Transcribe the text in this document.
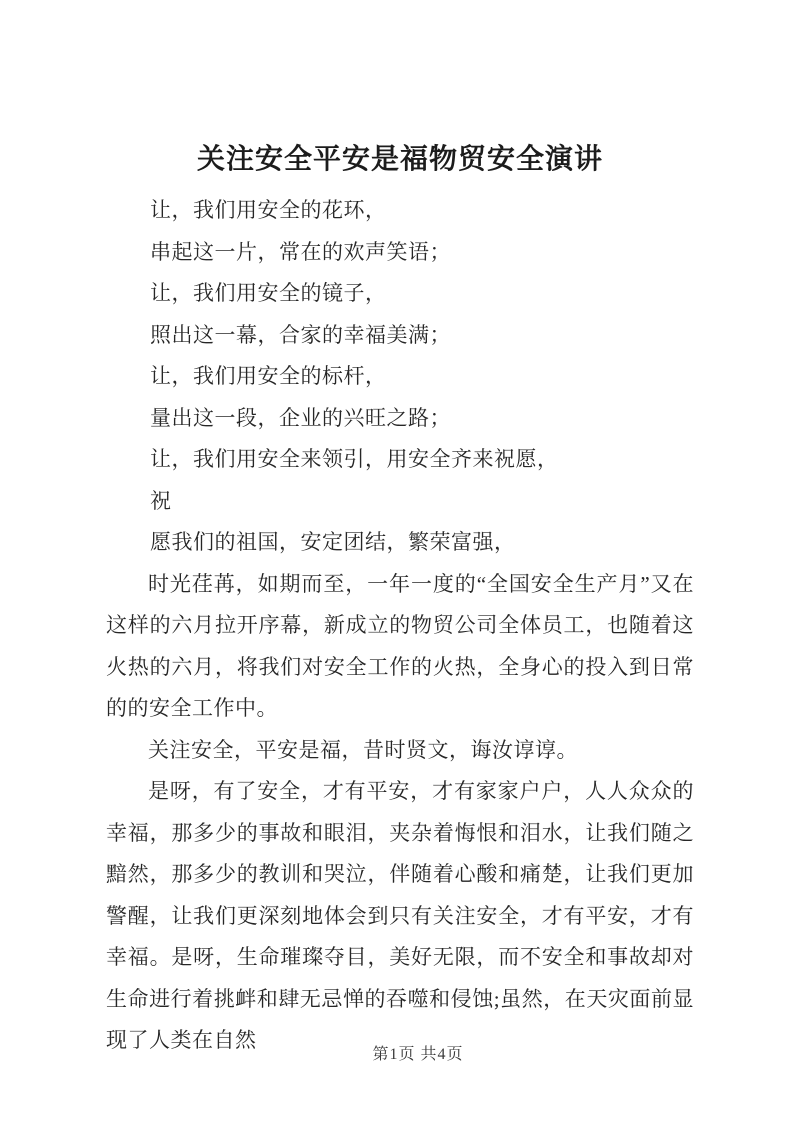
关注安全平安是福物贸安全演讲

让，我们用安全的花环，

串起这一片，常在的欢声笑语；

让，我们用安全的镜子，

照出这一幕，合家的幸福美满；

让，我们用安全的标杆，

量出这一段，企业的兴旺之路；

让，我们用安全来领引，用安全齐来祝愿，

祝

愿我们的祖国，安定团结，繁荣富强，

时光荏苒，如期而至，一年一度的“全国安全生产月”又在这样的六月拉开序幕，新成立的物贸公司全体员工，也随着这火热的六月，将我们对安全工作的火热，全身心的投入到日常的的安全工作中。

关注安全，平安是福，昔时贤文，诲汝谆谆。

是呀，有了安全，才有平安，才有家家户户，人人众众的幸福，那多少的事故和眼泪，夹杂着悔恨和泪水，让我们随之黯然，那多少的教训和哭泣，伴随着心酸和痛楚，让我们更加警醒，让我们更深刻地体会到只有关注安全，才有平安，才有幸福。是呀，生命璀璨夺目，美好无限，而不安全和事故却对生命进行着挑衅和肆无忌惮的吞噬和侵蚀;虽然，在天灾面前显现了人类在自然

第1页 共4页
